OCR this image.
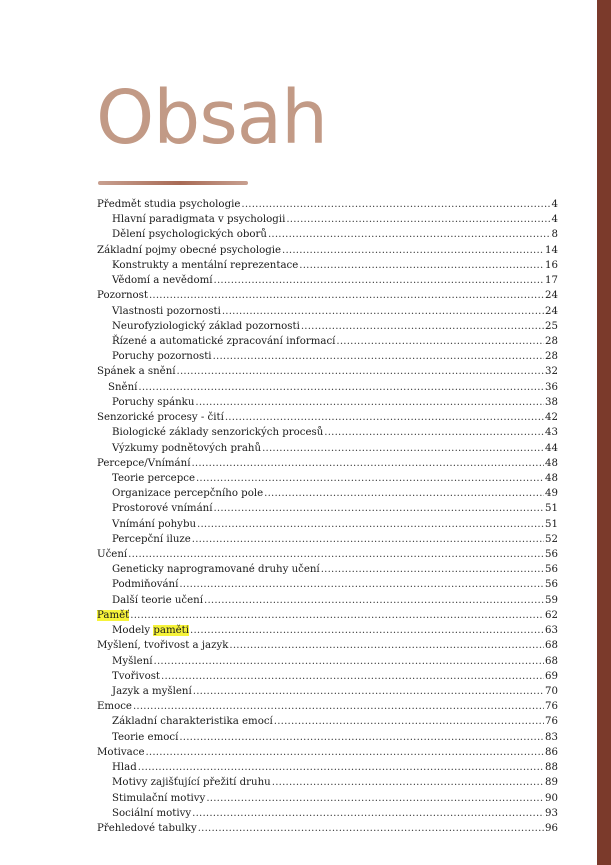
Obsah
Předmět studia psychologie .....	4
Hlavní paradigmata v psychologii .....	4
Dělení psychologických oborů .....	8
Základní pojmy obecné psychologie .....	14
Konstrukty a mentální reprezentace .....	16
Vědomí a nevědomí .....	17
Pozornost .....	24
Vlastnosti pozornosti .....	24
Neurofyziologický základ pozornosti .....	25
Řízené a automatické zpracování informací .....	28
Poruchy pozornosti .....	28
Spánek a snění .....	32
Snění .....	36
Poruchy spánku .....	38
Senzorické procesy - čití .....	42
Biologické základy senzorických procesů .....	43
Výzkumy podnětových prahů .....	44
Percepce/Vnímání .....	48
Teorie percepce .....	48
Organizace percepčního pole .....	49
Prostorové vnímání .....	51
Vnímání pohybu .....	51
Percepční iluze .....	52
Učení .....	56
Geneticky naprogramované druhy učení .....	56
Podmiňování .....	56
Další teorie učení .....	59
Paměť .....	62
Modely paměti .....	63
Myšlení, tvořivost a jazyk .....	68
Myšlení .....	68
Tvořivost .....	69
Jazyk a myšlení .....	70
Emoce .....	76
Základní charakteristika emocí .....	76
Teorie emocí .....	83
Motivace .....	86
Hlad .....	88
Motivy zajišťující přežití druhu .....	89
Stimulační motivy .....	90
Sociální motivy .....	93
Přehledové tabulky .....	96
